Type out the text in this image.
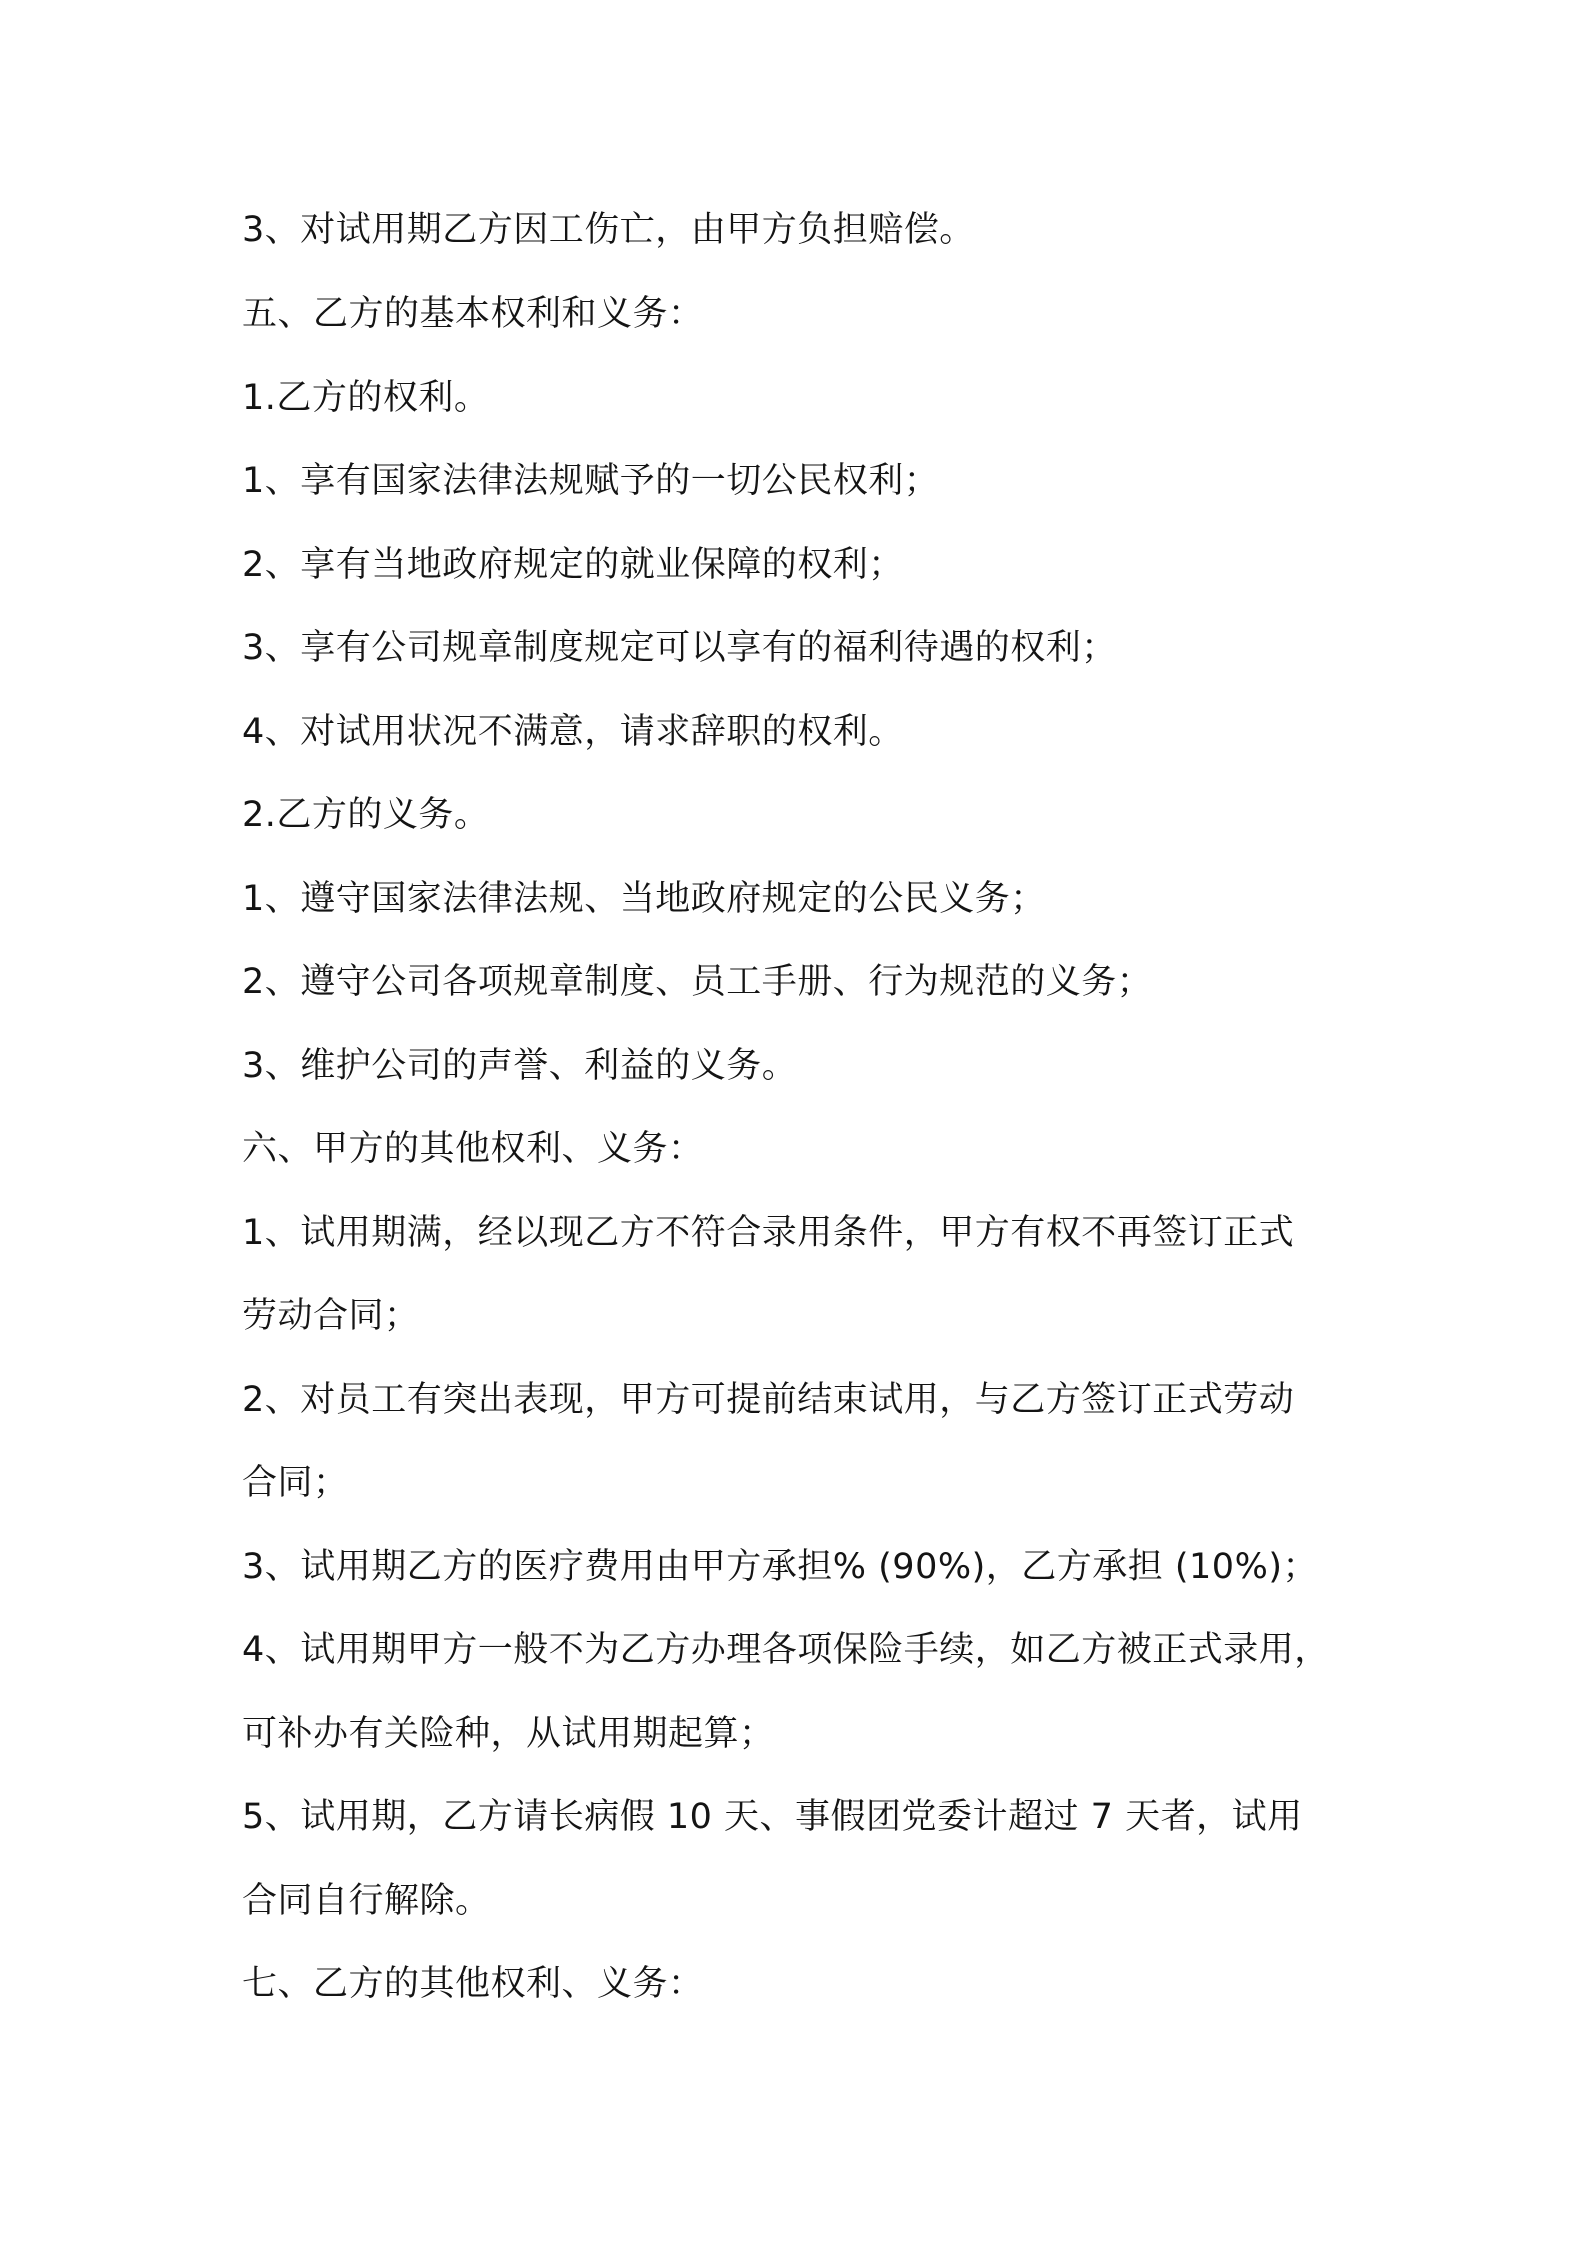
3、对试用期乙方因工伤亡，由甲方负担赔偿。
五、乙方的基本权利和义务：
1.乙方的权利。
1、享有国家法律法规赋予的一切公民权利；
2、享有当地政府规定的就业保障的权利；
3、享有公司规章制度规定可以享有的福利待遇的权利；
4、对试用状况不满意，请求辞职的权利。
2.乙方的义务。
1、遵守国家法律法规、当地政府规定的公民义务；
2、遵守公司各项规章制度、员工手册、行为规范的义务；
3、维护公司的声誉、利益的义务。
六、甲方的其他权利、义务：
1、试用期满，经以现乙方不符合录用条件，甲方有权不再签订正式
劳动合同；
2、对员工有突出表现，甲方可提前结束试用，与乙方签订正式劳动
合同；
3、试用期乙方的医疗费用由甲方承担% (90%)，乙方承担 (10%)；
4、试用期甲方一般不为乙方办理各项保险手续，如乙方被正式录用，
可补办有关险种，从试用期起算；
5、试用期，乙方请长病假 10 天、事假团党委计超过 7 天者，试用
合同自行解除。
七、乙方的其他权利、义务：
